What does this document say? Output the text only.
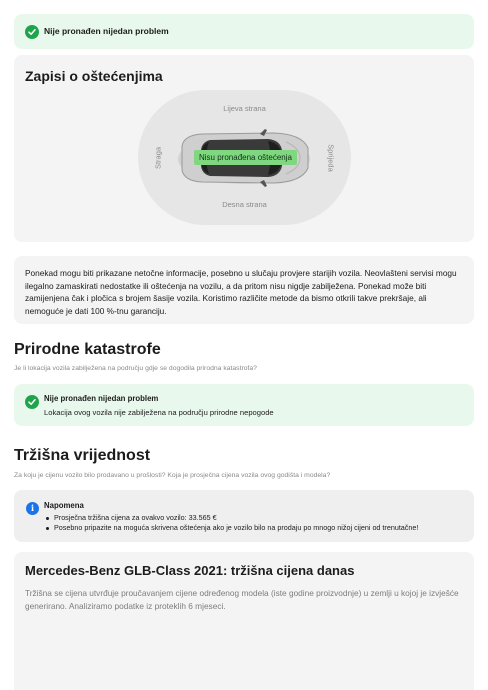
Nije pronađen nijedan problem
Zapisi o oštećenjima
Lijeva strana
Desna strana
Straga	Sprijeda
Nisu pronađena oštećenja

Ponekad mogu biti prikazane netočne informacije, posebno u slučaju provjere starijih vozila. Neovlašteni servisi mogu ilegalno zamaskirati nedostatke ili oštećenja na vozilu, a da pritom nisu nigdje zabilježena. Ponekad može biti zamijenjena čak i pločica s brojem šasije vozila. Koristimo različite metode da bismo otkrili takve prekršaje, ali nemoguće je dati 100 %-tnu garanciju.

Prirodne katastrofe
Je li lokacija vozila zabilježena na području gdje se dogodila prirodna katastrofa?
Nije pronađen nijedan problem
Lokacija ovog vozila nije zabilježena na području prirodne nepogode
Tržišna vrijednost
Za koju je cijenu vozilo bilo prodavano u prošlosti? Koja je prosječna cijena vozila ovog godišta i modela?
i	Napomena
Prosječna tržišna cijena za ovakvo vozilo: 33.565 €
Posebno pripazite na moguća skrivena oštećenja ako je vozilo bilo na prodaju po mnogo nižoj cijeni od trenutačne!
Mercedes-Benz GLB-Class 2021: tržišna cijena danas
Tržišna se cijena utvrđuje proučavanjem cijene određenog modela (iste godine proizvodnje) u zemlji u kojoj je izvješće generirano. Analiziramo podatke iz proteklih 6 mjeseci.
